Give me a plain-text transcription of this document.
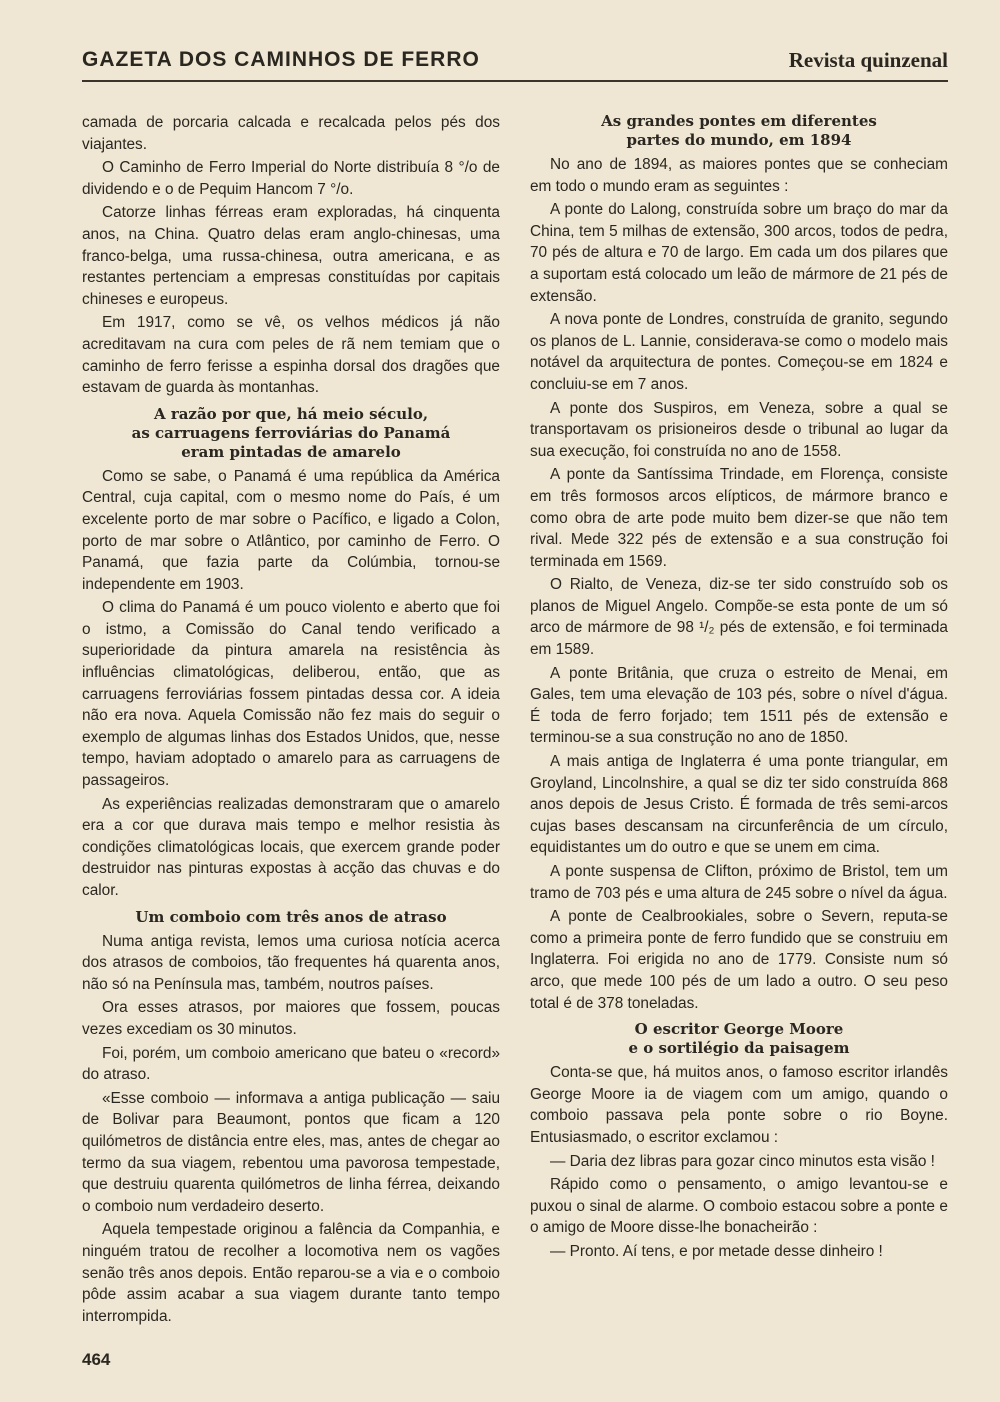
GAZETA DOS CAMINHOS DE FERRO	Revista quinzenal

camada de porcaria calcada e recalcada pelos pés dos viajantes.

O Caminho de Ferro Imperial do Norte distribuía 8 °/o de dividendo e o de Pequim Hancom 7 °/o.

Catorze linhas férreas eram exploradas, há cinquenta anos, na China. Quatro delas eram anglo-chinesas, uma franco-belga, uma russa-chinesa, outra americana, e as restantes pertenciam a empresas constituídas por capitais chineses e europeus.

Em 1917, como se vê, os velhos médicos já não acreditavam na cura com peles de rã nem temiam que o caminho de ferro ferisse a espinha dorsal dos dragões que estavam de guarda às montanhas.

A razão por que, há meio século,
as carruagens ferroviárias do Panamá
eram pintadas de amarelo

Como se sabe, o Panamá é uma república da América Central, cuja capital, com o mesmo nome do País, é um excelente porto de mar sobre o Pacífico, e ligado a Colon, porto de mar sobre o Atlântico, por caminho de Ferro. O Panamá, que fazia parte da Colúmbia, tornou-se independente em 1903.

O clima do Panamá é um pouco violento e aberto que foi o istmo, a Comissão do Canal tendo verificado a superioridade da pintura amarela na resistência às influências climatológicas, deliberou, então, que as carruagens ferroviárias fossem pintadas dessa cor. A ideia não era nova. Aquela Comissão não fez mais do seguir o exemplo de algumas linhas dos Estados Unidos, que, nesse tempo, haviam adoptado o amarelo para as carruagens de passageiros.

As experiências realizadas demonstraram que o amarelo era a cor que durava mais tempo e melhor resistia às condições climatológicas locais, que exercem grande poder destruidor nas pinturas expostas à acção das chuvas e do calor.

Um comboio com três anos de atraso

Numa antiga revista, lemos uma curiosa notícia acerca dos atrasos de comboios, tão frequentes há quarenta anos, não só na Península mas, também, noutros países.

Ora esses atrasos, por maiores que fossem, poucas vezes excediam os 30 minutos.

Foi, porém, um comboio americano que bateu o «record» do atraso.

«Esse comboio — informava a antiga publicação — saiu de Bolivar para Beaumont, pontos que ficam a 120 quilómetros de distância entre eles, mas, antes de chegar ao termo da sua viagem, rebentou uma pavorosa tempestade, que destruiu quarenta quilómetros de linha férrea, deixando o comboio num verdadeiro deserto.

Aquela tempestade originou a falência da Companhia, e ninguém tratou de recolher a locomotiva nem os vagões senão três anos depois. Então reparou-se a via e o comboio pôde assim acabar a sua viagem durante tanto tempo interrompida.

As grandes pontes em diferentes
partes do mundo, em 1894

No ano de 1894, as maiores pontes que se conheciam em todo o mundo eram as seguintes :

A ponte do Lalong, construída sobre um braço do mar da China, tem 5 milhas de extensão, 300 arcos, todos de pedra, 70 pés de altura e 70 de largo. Em cada um dos pilares que a suportam está colocado um leão de mármore de 21 pés de extensão.

A nova ponte de Londres, construída de granito, segundo os planos de L. Lannie, considerava-se como o modelo mais notável da arquitectura de pontes. Começou-se em 1824 e concluiu-se em 7 anos.

A ponte dos Suspiros, em Veneza, sobre a qual se transportavam os prisioneiros desde o tribunal ao lugar da sua execução, foi construída no ano de 1558.

A ponte da Santíssima Trindade, em Florença, consiste em três formosos arcos elípticos, de mármore branco e como obra de arte pode muito bem dizer-se que não tem rival. Mede 322 pés de extensão e a sua construção foi terminada em 1569.

O Rialto, de Veneza, diz-se ter sido construído sob os planos de Miguel Angelo. Compõe-se esta ponte de um só arco de mármore de 98 ¹/₂ pés de extensão, e foi terminada em 1589.

A ponte Britânia, que cruza o estreito de Menai, em Gales, tem uma elevação de 103 pés, sobre o nível d'água. É toda de ferro forjado; tem 1511 pés de extensão e terminou-se a sua construção no ano de 1850.

A mais antiga de Inglaterra é uma ponte triangular, em Groyland, Lincolnshire, a qual se diz ter sido construída 868 anos depois de Jesus Cristo. É formada de três semi-arcos cujas bases descansam na circunferência de um círculo, equidistantes um do outro e que se unem em cima.

A ponte suspensa de Clifton, próximo de Bristol, tem um tramo de 703 pés e uma altura de 245 sobre o nível da água.

A ponte de Cealbrookiales, sobre o Severn, reputa-se como a primeira ponte de ferro fundido que se construiu em Inglaterra. Foi erigida no ano de 1779. Consiste num só arco, que mede 100 pés de um lado a outro. O seu peso total é de 378 toneladas.

O escritor George Moore
e o sortilégio da paisagem

Conta-se que, há muitos anos, o famoso escritor irlandês George Moore ia de viagem com um amigo, quando o comboio passava pela ponte sobre o rio Boyne. Entusiasmado, o escritor exclamou :

— Daria dez libras para gozar cinco minutos esta visão !

Rápido como o pensamento, o amigo levantou-se e puxou o sinal de alarme. O comboio estacou sobre a ponte e o amigo de Moore disse-lhe bonacheirão :

— Pronto. Aí tens, e por metade desse dinheiro !

464
